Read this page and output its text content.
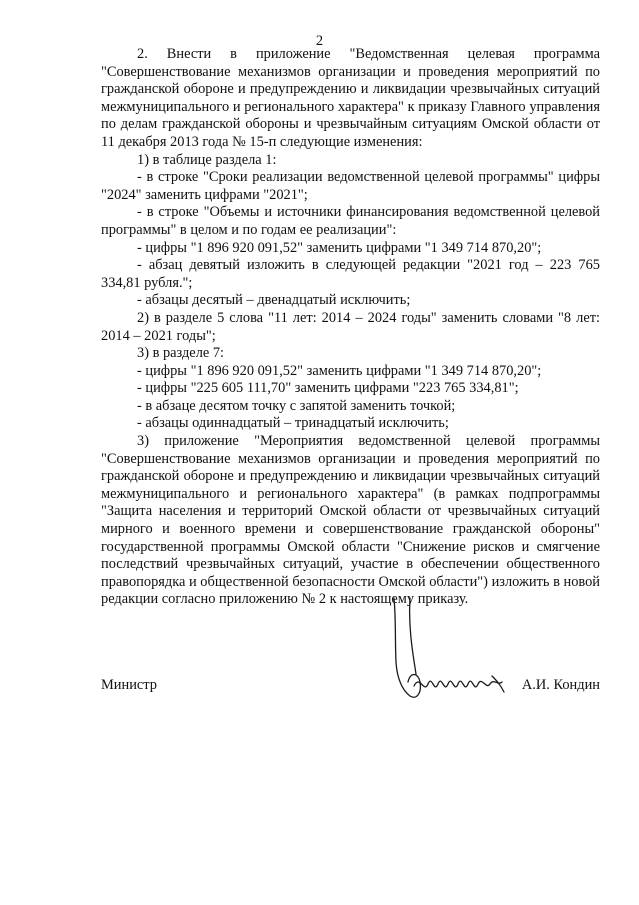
2

2. Внести в приложение "Ведомственная целевая программа "Совершенствование механизмов организации и проведения мероприятий по гражданской обороне и предупреждению и ликвидации чрезвычайных ситуаций межмуниципального и регионального характера" к приказу Главного управления по делам гражданской обороны и чрезвычайным ситуациям Омской области от 11 декабря 2013 года № 15-п следующие изменения:

1) в таблице раздела 1:

- в строке "Сроки реализации ведомственной целевой программы" цифры "2024" заменить цифрами "2021";

- в строке "Объемы и источники финансирования ведомственной целевой программы" в целом и по годам ее реализации":

- цифры "1 896 920 091,52" заменить цифрами "1 349 714 870,20";

- абзац девятый изложить в следующей редакции "2021 год – 223 765 334,81 рубля.";

- абзацы десятый – двенадцатый исключить;

2) в разделе 5 слова "11 лет: 2014 – 2024 годы" заменить словами "8 лет: 2014 – 2021 годы";

3) в разделе 7:

- цифры "1 896 920 091,52" заменить цифрами "1 349 714 870,20";

- цифры "225 605 111,70" заменить цифрами "223 765 334,81";

- в абзаце десятом точку с запятой заменить точкой;

- абзацы одиннадцатый – тринадцатый исключить;

3) приложение "Мероприятия ведомственной целевой программы "Совершенствование механизмов организации и проведения мероприятий по гражданской обороне и предупреждению и ликвидации чрезвычайных ситуаций межмуниципального и регионального характера" (в рамках подпрограммы "Защита населения и территорий Омской области от чрезвычайных ситуаций мирного и военного времени и совершенствование гражданской обороны" государственной программы Омской области "Снижение рисков и смягчение последствий чрезвычайных ситуаций, участие в обеспечении общественного правопорядка и общественной безопасности Омской области") изложить в новой редакции согласно приложению № 2 к настоящему приказу.

Министр	А.И. Кондин
